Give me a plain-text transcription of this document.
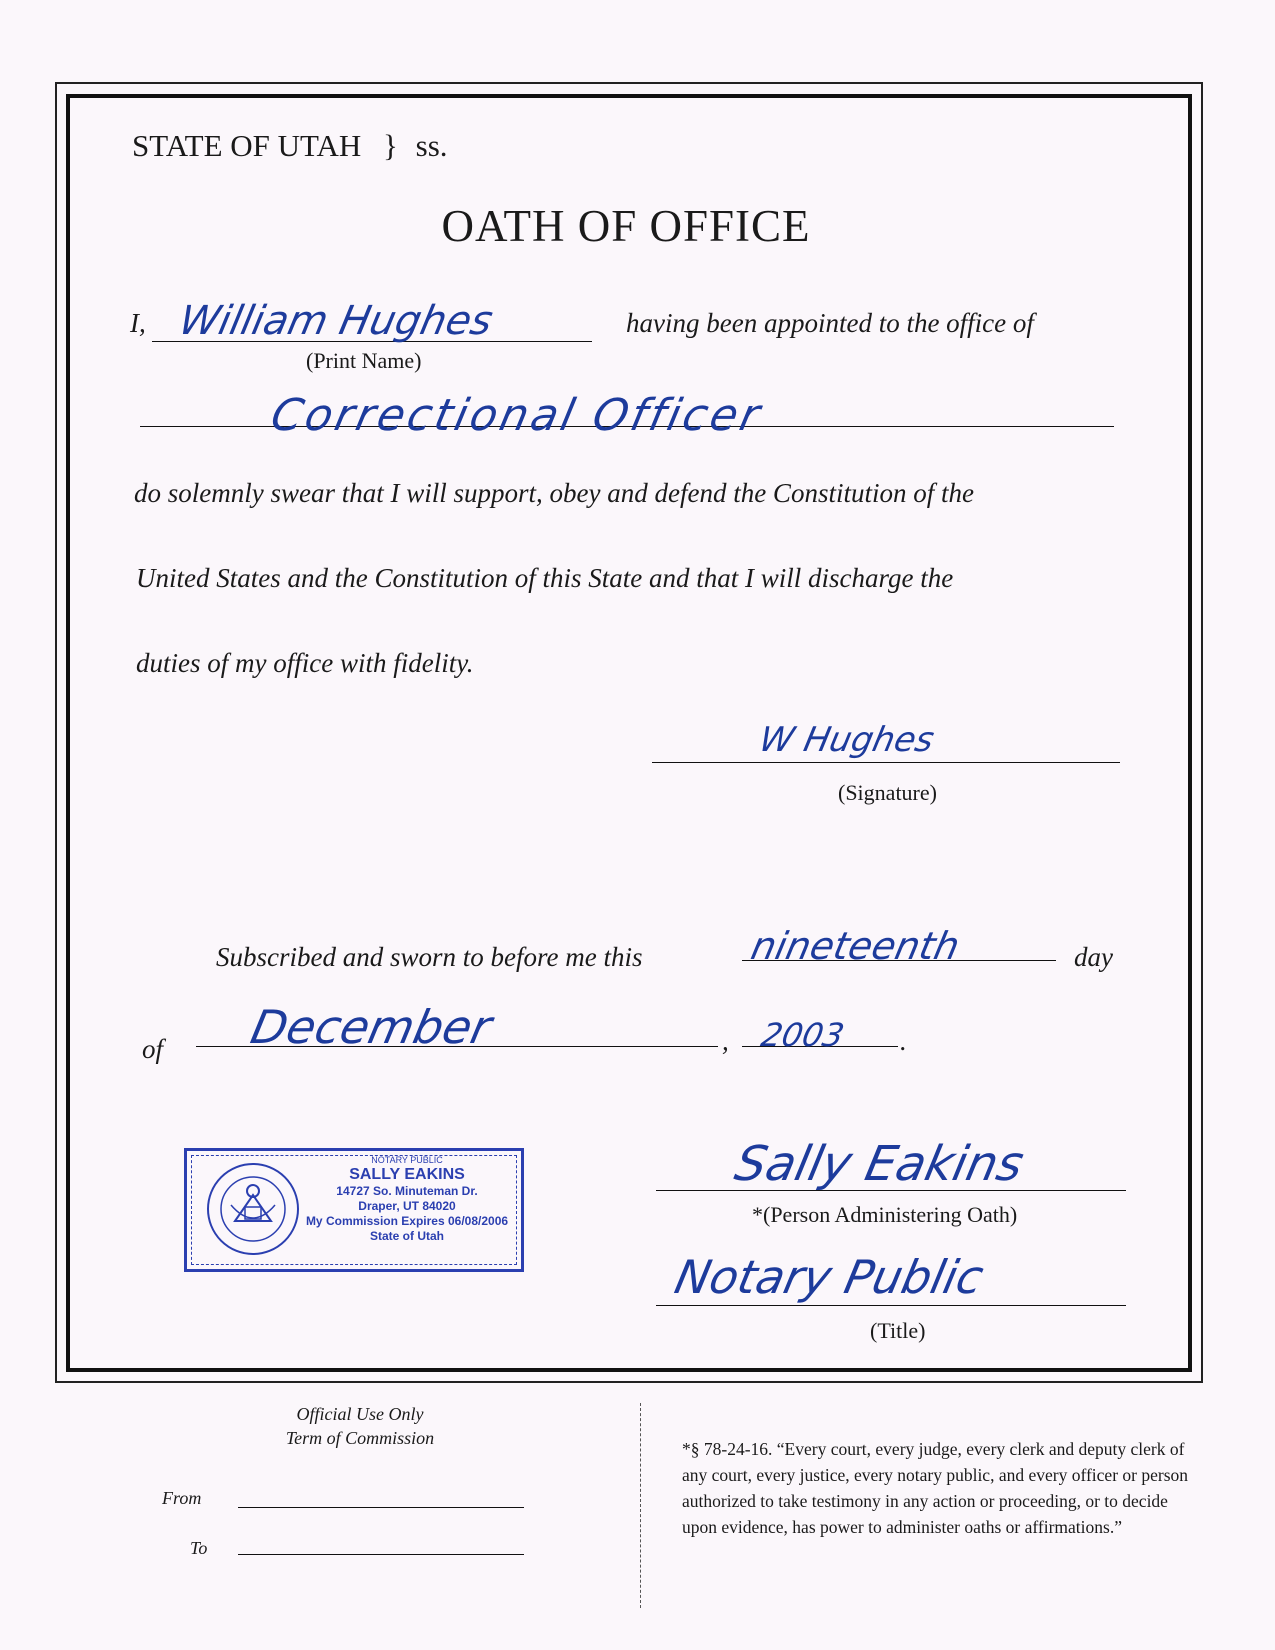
STATE OF UTAH } ss.
OATH OF OFFICE
I, William Hughes
(Print Name)
having been appointed to the office of
Correctional Officer
do solemnly swear that I will support, obey and defend the Constitution of the
United States and the Constitution of this State and that I will discharge the
duties of my office with fidelity.
W Hughes
(Signature)
Subscribed and sworn to before me this	nineteenth	day
of December	, 2003 .
Sally Eakins
*(Person Administering Oath)
Notary Public
(Title)
NOTARY PUBLIC
SALLY EAKINS
14727 So. Minuteman Dr.
Draper, UT 84020
My Commission Expires 06/08/2006
State of Utah
Official Use Only
Term of Commission
From
To
*§ 78-24-16. “Every court, every judge, every clerk and deputy clerk of any court, every justice, every notary public, and every officer or person authorized to take testimony in any action or proceeding, or to decide upon evidence, has power to administer oaths or affirmations.”
